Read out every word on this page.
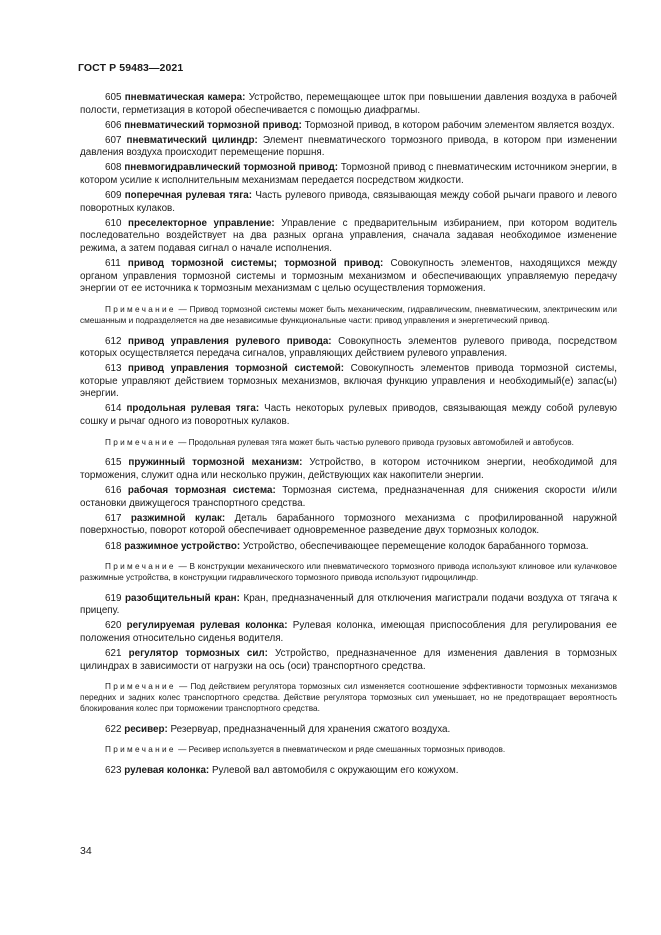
ГОСТ Р 59483—2021

605 пневматическая камера: Устройство, перемещающее шток при повышении давления воздуха в рабочей полости, герметизация в которой обеспечивается с помощью диафрагмы.

606 пневматический тормозной привод: Тормозной привод, в котором рабочим элементом является воздух.

607 пневматический цилиндр: Элемент пневматического тормозного привода, в котором при изменении давления воздуха происходит перемещение поршня.

608 пневмогидравлический тормозной привод: Тормозной привод с пневматическим источником энергии, в котором усилие к исполнительным механизмам передается посредством жидкости.

609 поперечная рулевая тяга: Часть рулевого привода, связывающая между собой рычаги правого и левого поворотных кулаков.

610 преселекторное управление: Управление с предварительным избиранием, при котором водитель последовательно воздействует на два разных органа управления, сначала задавая необходимое изменение режима, а затем подавая сигнал о начале исполнения.

611 привод тормозной системы; тормозной привод: Совокупность элементов, находящихся между органом управления тормозной системы и тормозным механизмом и обеспечивающих управляемую передачу энергии от ее источника к тормозным механизмам с целью осуществления торможения.

Примечание — Привод тормозной системы может быть механическим, гидравлическим, пневматическим, электрическим или смешанным и подразделяется на две независимые функциональные части: привод управления и энергетический привод.

612 привод управления рулевого привода: Совокупность элементов рулевого привода, посредством которых осуществляется передача сигналов, управляющих действием рулевого управления.

613 привод управления тормозной системой: Совокупность элементов привода тормозной системы, которые управляют действием тормозных механизмов, включая функцию управления и необходимый(е) запас(ы) энергии.

614 продольная рулевая тяга: Часть некоторых рулевых приводов, связывающая между собой рулевую сошку и рычаг одного из поворотных кулаков.

Примечание — Продольная рулевая тяга может быть частью рулевого привода грузовых автомобилей и автобусов.

615 пружинный тормозной механизм: Устройство, в котором источником энергии, необходимой для торможения, служит одна или несколько пружин, действующих как накопители энергии.

616 рабочая тормозная система: Тормозная система, предназначенная для снижения скорости и/или остановки движущегося транспортного средства.

617 разжимной кулак: Деталь барабанного тормозного механизма с профилированной наружной поверхностью, поворот которой обеспечивает одновременное разведение двух тормозных колодок.

618 разжимное устройство: Устройство, обеспечивающее перемещение колодок барабанного тормоза.

Примечание — В конструкции механического или пневматического тормозного привода используют клиновое или кулачковое разжимные устройства, в конструкции гидравлического тормозного привода используют гидроцилиндр.

619 разобщительный кран: Кран, предназначенный для отключения магистрали подачи воздуха от тягача к прицепу.

620 регулируемая рулевая колонка: Рулевая колонка, имеющая приспособления для регулирования ее положения относительно сиденья водителя.

621 регулятор тормозных сил: Устройство, предназначенное для изменения давления в тормозных цилиндрах в зависимости от нагрузки на ось (оси) транспортного средства.

Примечание — Под действием регулятора тормозных сил изменяется соотношение эффективности тормозных механизмов передних и задних колес транспортного средства. Действие регулятора тормозных сил уменьшает, но не предотвращает вероятность блокирования колес при торможении транспортного средства.

622 ресивер: Резервуар, предназначенный для хранения сжатого воздуха.

Примечание — Ресивер используется в пневматическом и ряде смешанных тормозных приводов.

623 рулевая колонка: Рулевой вал автомобиля с окружающим его кожухом.

34
